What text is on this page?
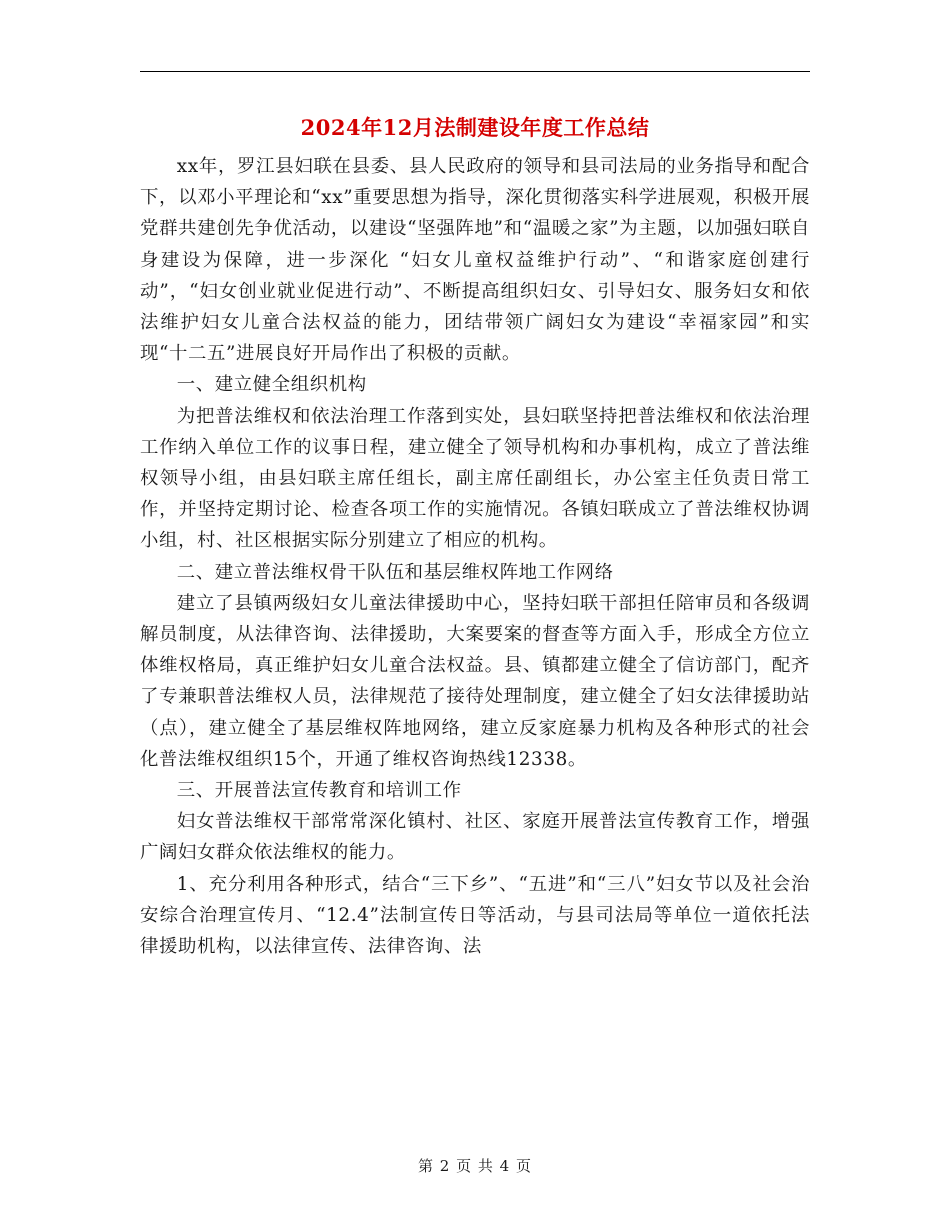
2024年12月法制建设年度工作总结

xx年，罗江县妇联在县委、县人民政府的领导和县司法局的业务指导和配合下，以邓小平理论和“xx”重要思想为指导，深化贯彻落实科学进展观，积极开展党群共建创先争优活动，以建设“坚强阵地”和“温暖之家”为主题，以加强妇联自身建设为保障，进一步深化 “妇女儿童权益维护行动”、“和谐家庭创建行动”，“妇女创业就业促进行动”、不断提高组织妇女、引导妇女、服务妇女和依法维护妇女儿童合法权益的能力，团结带领广阔妇女为建设“幸福家园”和实现“十二五”进展良好开局作出了积极的贡献。

一、建立健全组织机构

为把普法维权和依法治理工作落到实处，县妇联坚持把普法维权和依法治理工作纳入单位工作的议事日程，建立健全了领导机构和办事机构，成立了普法维权领导小组，由县妇联主席任组长，副主席任副组长，办公室主任负责日常工作，并坚持定期讨论、检查各项工作的实施情况。各镇妇联成立了普法维权协调小组，村、社区根据实际分别建立了相应的机构。

二、建立普法维权骨干队伍和基层维权阵地工作网络

建立了县镇两级妇女儿童法律援助中心，坚持妇联干部担任陪审员和各级调解员制度，从法律咨询、法律援助，大案要案的督查等方面入手，形成全方位立体维权格局，真正维护妇女儿童合法权益。县、镇都建立健全了信访部门，配齐了专兼职普法维权人员，法律规范了接待处理制度，建立健全了妇女法律援助站（点），建立健全了基层维权阵地网络，建立反家庭暴力机构及各种形式的社会化普法维权组织15个，开通了维权咨询热线12338。

三、开展普法宣传教育和培训工作

妇女普法维权干部常常深化镇村、社区、家庭开展普法宣传教育工作，增强广阔妇女群众依法维权的能力。

1、充分利用各种形式，结合“三下乡”、“五进”和“三八”妇女节以及社会治安综合治理宣传月、“12.4”法制宣传日等活动，与县司法局等单位一道依托法律援助机构，以法律宣传、法律咨询、法

第 2 页 共 4 页
